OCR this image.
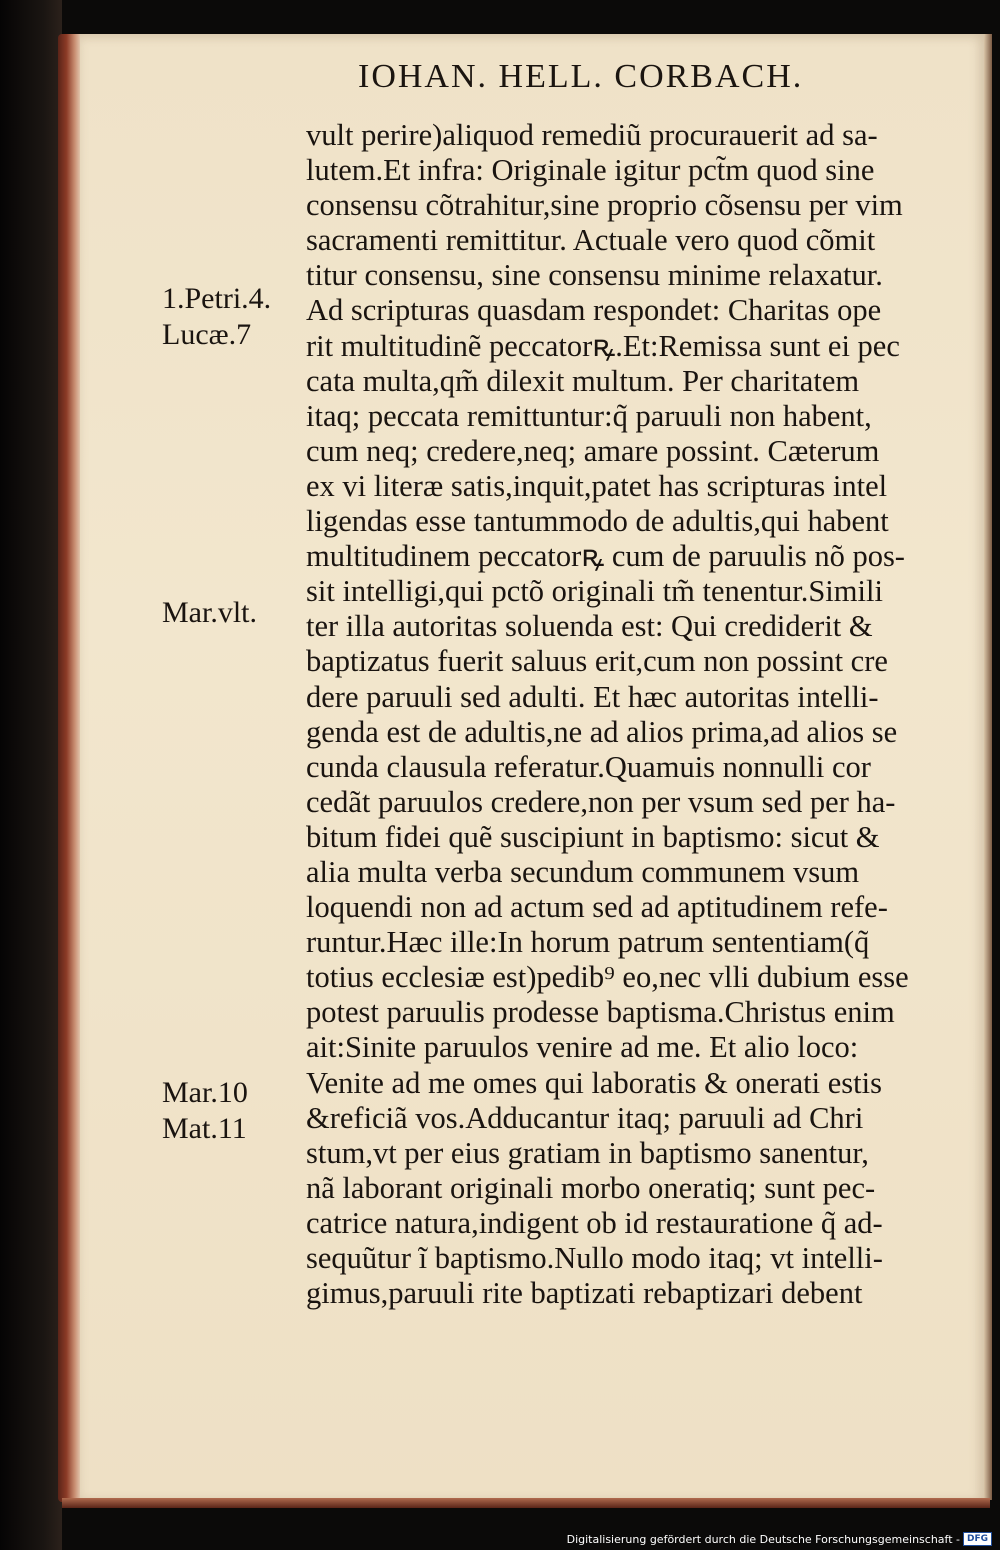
IOHAN. HELL. CORBACH.
vult perire)aliquod remediũ procurauerit ad sa-
lutem.Et infra: Originale igitur pct̃m quod sine
consensu cõtrahitur,sine proprio cõsensu per vim
sacramenti remittitur. Actuale vero quod cõmit
titur consensu, sine consensu minime relaxatur.
Ad scripturas quasdam respondet: Charitas ope
rit multitudinẽ peccatorꝶ.Et:Remissa sunt ei pec
cata multa,qm̃ dilexit multum. Per charitatem
itaq; peccata remittuntur:q̃ paruuli non habent,
cum neq; credere,neq; amare possint. Cæterum
ex vi literæ satis,inquit,patet has scripturas intel
ligendas esse tantummodo de adultis,qui habent
multitudinem peccatorꝶ cum de paruulis nõ pos-
sit intelligi,qui pctõ originali tm̃ tenentur.Simili
ter illa autoritas soluenda est: Qui crediderit &
baptizatus fuerit saluus erit,cum non possint cre
dere paruuli sed adulti. Et hæc autoritas intelli-
genda est de adultis,ne ad alios prima,ad alios se
cunda clausula referatur.Quamuis nonnulli cor
cedãt paruulos credere,non per vsum sed per ha-
bitum fidei quẽ suscipiunt in baptismo: sicut &
alia multa verba secundum communem vsum
loquendi non ad actum sed ad aptitudinem refe-
runtur.Hæc ille:In horum patrum sententiam(q̃
totius ecclesiæ est)pedib⁹ eo,nec vlli dubium esse
potest paruulis prodesse baptisma.Christus enim
ait:Sinite paruulos venire ad me. Et alio loco:
Venite ad me omes qui laboratis & onerati estis
&reficiã vos.Adducantur itaq; paruuli ad Chri
stum,vt per eius gratiam in baptismo sanentur,
nã laborant originali morbo oneratiq; sunt pec-
catrice natura,indigent ob id restauratione q̃ ad-
sequũtur ĩ baptismo.Nullo modo itaq; vt intelli-
gimus,paruuli rite baptizati rebaptizari debent
1.Petri.4.
Lucæ.7
Mar.vlt.
Mar.10
Mat.11
Digitalisierung gefördert durch die Deutsche Forschungsgemeinschaft - DFG
